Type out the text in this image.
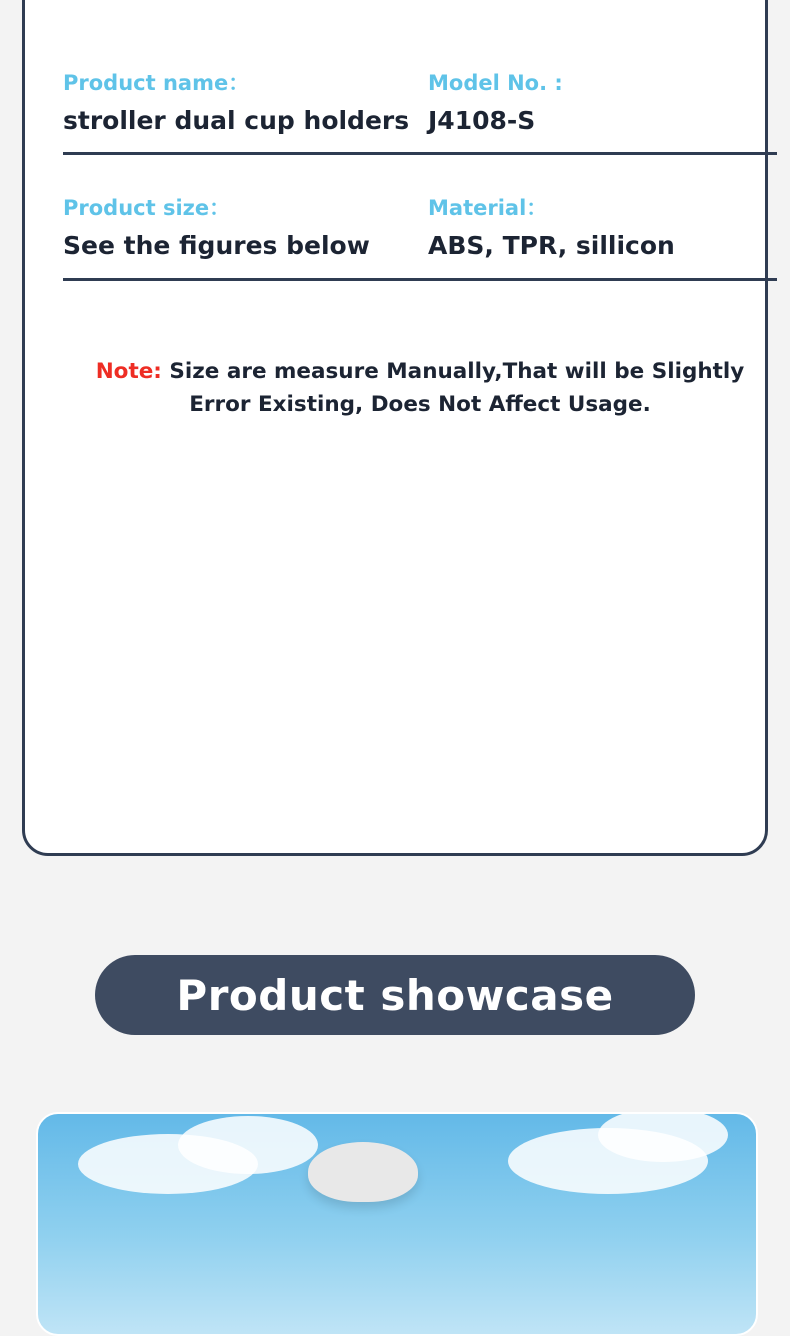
Product name：
stroller dual cup holders
Model No. :
J4108-S
Product size：
See the figures below
Material：
ABS, TPR, sillicon
Note: Size are measure Manually,That will be Slightly Error Existing, Does Not Affect Usage.
Product showcase
